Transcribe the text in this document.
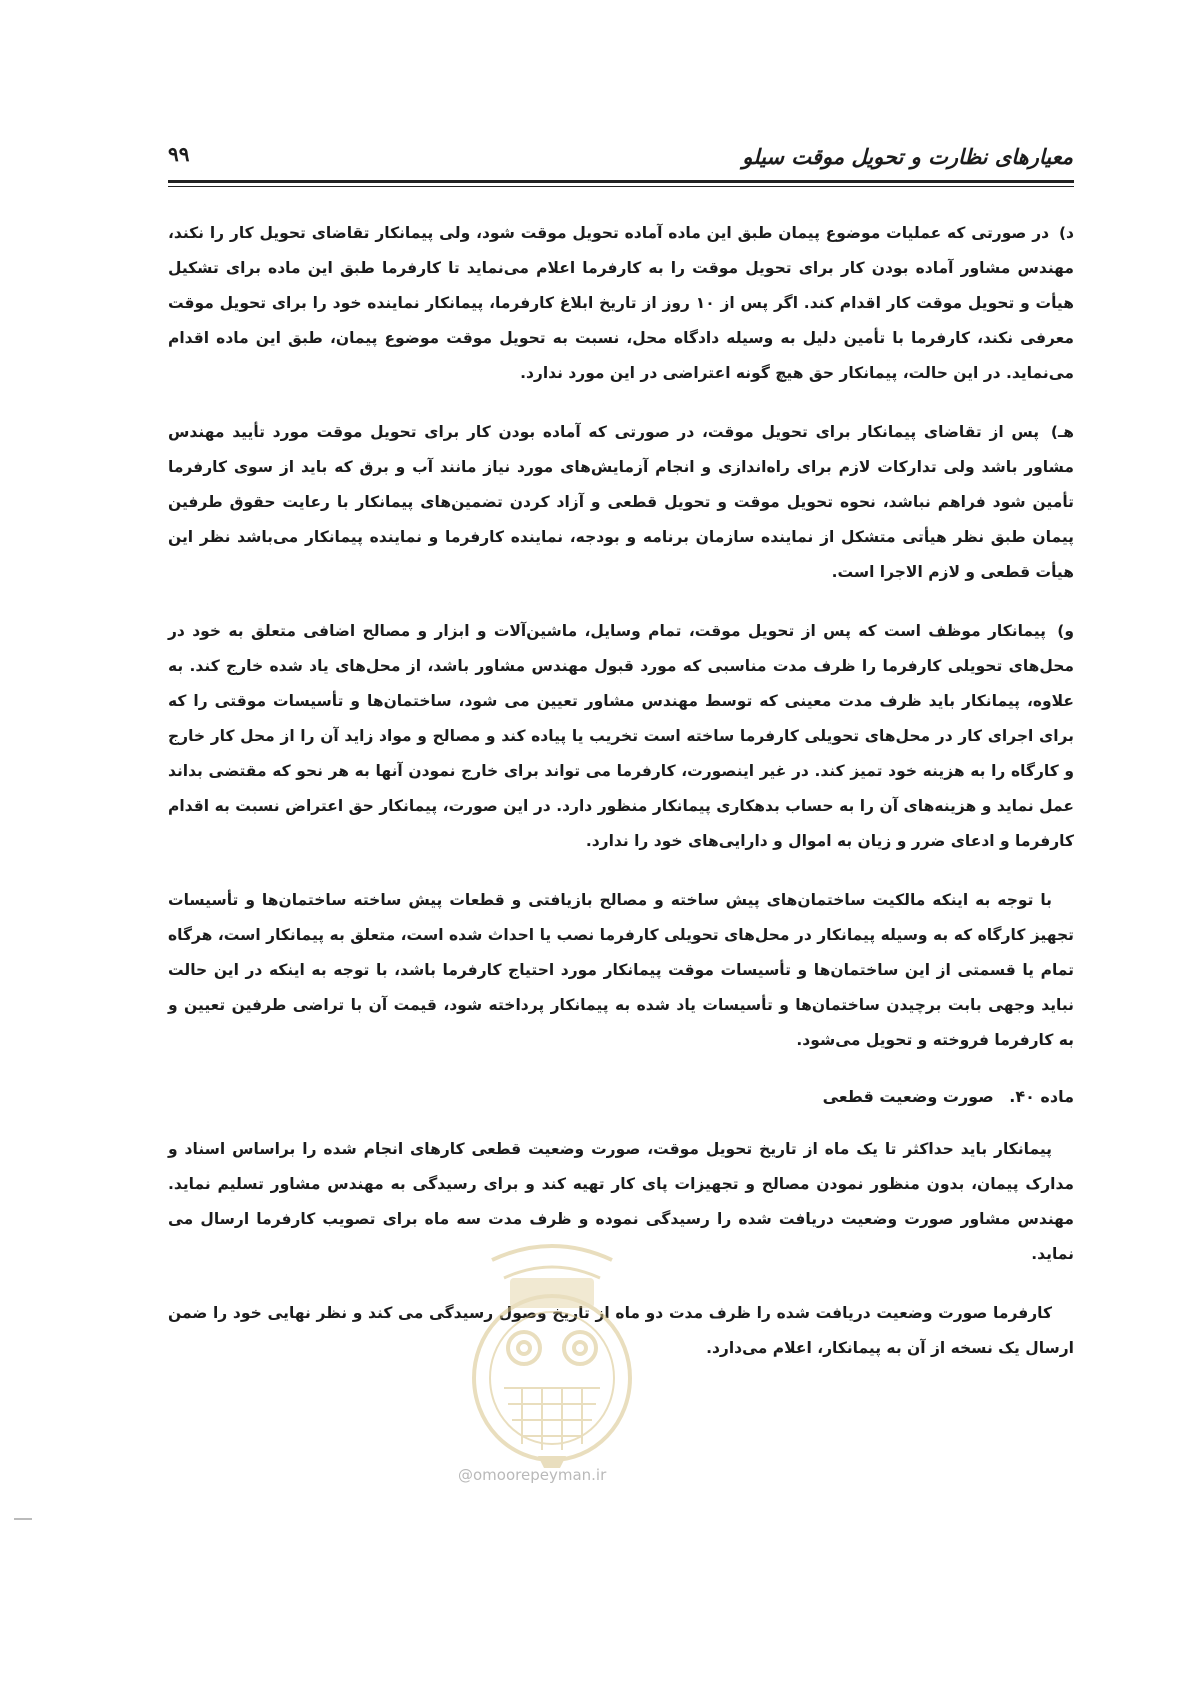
معیارهای نظارت و تحویل موقت سیلو
۹۹

د) در صورتی که عملیات موضوع پیمان طبق این ماده آماده تحویل موقت شود، ولی پیمانکار تقاضای تحویل کار را نکند، مهندس مشاور آماده بودن کار برای تحویل موقت را به کارفرما اعلام می‌نماید تا کارفرما طبق این ماده برای تشکیل هیأت و تحویل موقت کار اقدام کند. اگر پس از ۱۰ روز از تاریخ ابلاغ کارفرما، پیمانکار نماینده خود را برای تحویل موقت معرفی نکند، کارفرما با تأمین دلیل به وسیله دادگاه محل، نسبت به تحویل موقت موضوع پیمان، طبق این ماده اقدام می‌نماید. در این حالت، پیمانکار حق هیچ گونه اعتراضی در این مورد ندارد.

هـ) پس از تقاضای پیمانکار برای تحویل موقت، در صورتی که آماده بودن کار برای تحویل موقت مورد تأیید مهندس مشاور باشد ولی تدارکات لازم برای راه‌اندازی و انجام آزمایش‌های مورد نیاز مانند آب و برق که باید از سوی کارفرما تأمین شود فراهم نباشد، نحوه تحویل موقت و تحویل قطعی و آزاد کردن تضمین‌های پیمانکار با رعایت حقوق طرفین پیمان طبق نظر هیأتی متشکل از نماینده سازمان برنامه و بودجه، نماینده کارفرما و نماینده پیمانکار می‌باشد نظر این هیأت قطعی و لازم الاجرا است.

و) پیمانکار موظف است که پس از تحویل موقت، تمام وسایل، ماشین‌آلات و ابزار و مصالح اضافی متعلق به خود در محل‌های تحویلی کارفرما را ظرف مدت مناسبی که مورد قبول مهندس مشاور باشد، از محل‌های یاد شده خارج کند. به علاوه، پیمانکار باید ظرف مدت معینی که توسط مهندس مشاور تعیین می شود، ساختمان‌ها و تأسیسات موقتی را که برای اجرای کار در محل‌های تحویلی کارفرما ساخته است تخریب یا پیاده کند و مصالح و مواد زاید آن را از محل کار خارج و کارگاه را به هزینه خود تمیز کند. در غیر اینصورت، کارفرما می تواند برای خارج نمودن آنها به هر نحو که مقتضی بداند عمل نماید و هزینه‌های آن را به حساب بدهکاری پیمانکار منظور دارد. در این صورت، پیمانکار حق اعتراض نسبت به اقدام کارفرما و ادعای ضرر و زیان به اموال و دارایی‌های خود را ندارد.

با توجه به اینکه مالکیت ساختمان‌های پیش ساخته و مصالح بازیافتی و قطعات پیش ساخته ساختمان‌ها و تأسیسات تجهیز کارگاه که به وسیله پیمانکار در محل‌های تحویلی کارفرما نصب یا احداث شده است، متعلق به پیمانکار است، هرگاه تمام یا قسمتی از این ساختمان‌ها و تأسیسات موقت پیمانکار مورد احتیاج کارفرما باشد، با توجه به اینکه در این حالت نباید وجهی بابت برچیدن ساختمان‌ها و تأسیسات یاد شده به پیمانکار پرداخته شود، قیمت آن با تراضی طرفین تعیین و به کارفرما فروخته و تحویل می‌شود.

ماده ۴۰. صورت وضعیت قطعی

پیمانکار باید حداکثر تا یک ماه از تاریخ تحویل موقت، صورت وضعیت قطعی کارهای انجام شده را براساس اسناد و مدارک پیمان، بدون منظور نمودن مصالح و تجهیزات پای کار تهیه کند و برای رسیدگی به مهندس مشاور تسلیم نماید. مهندس مشاور صورت وضعیت دریافت شده را رسیدگی نموده و ظرف مدت سه ماه برای تصویب کارفرما ارسال می نماید.

کارفرما صورت وضعیت دریافت شده را ظرف مدت دو ماه از تاریخ وصول رسیدگی می کند و نظر نهایی خود را ضمن ارسال یک نسخه از آن به پیمانکار، اعلام می‌دارد.

@omoorepeyman.ir
